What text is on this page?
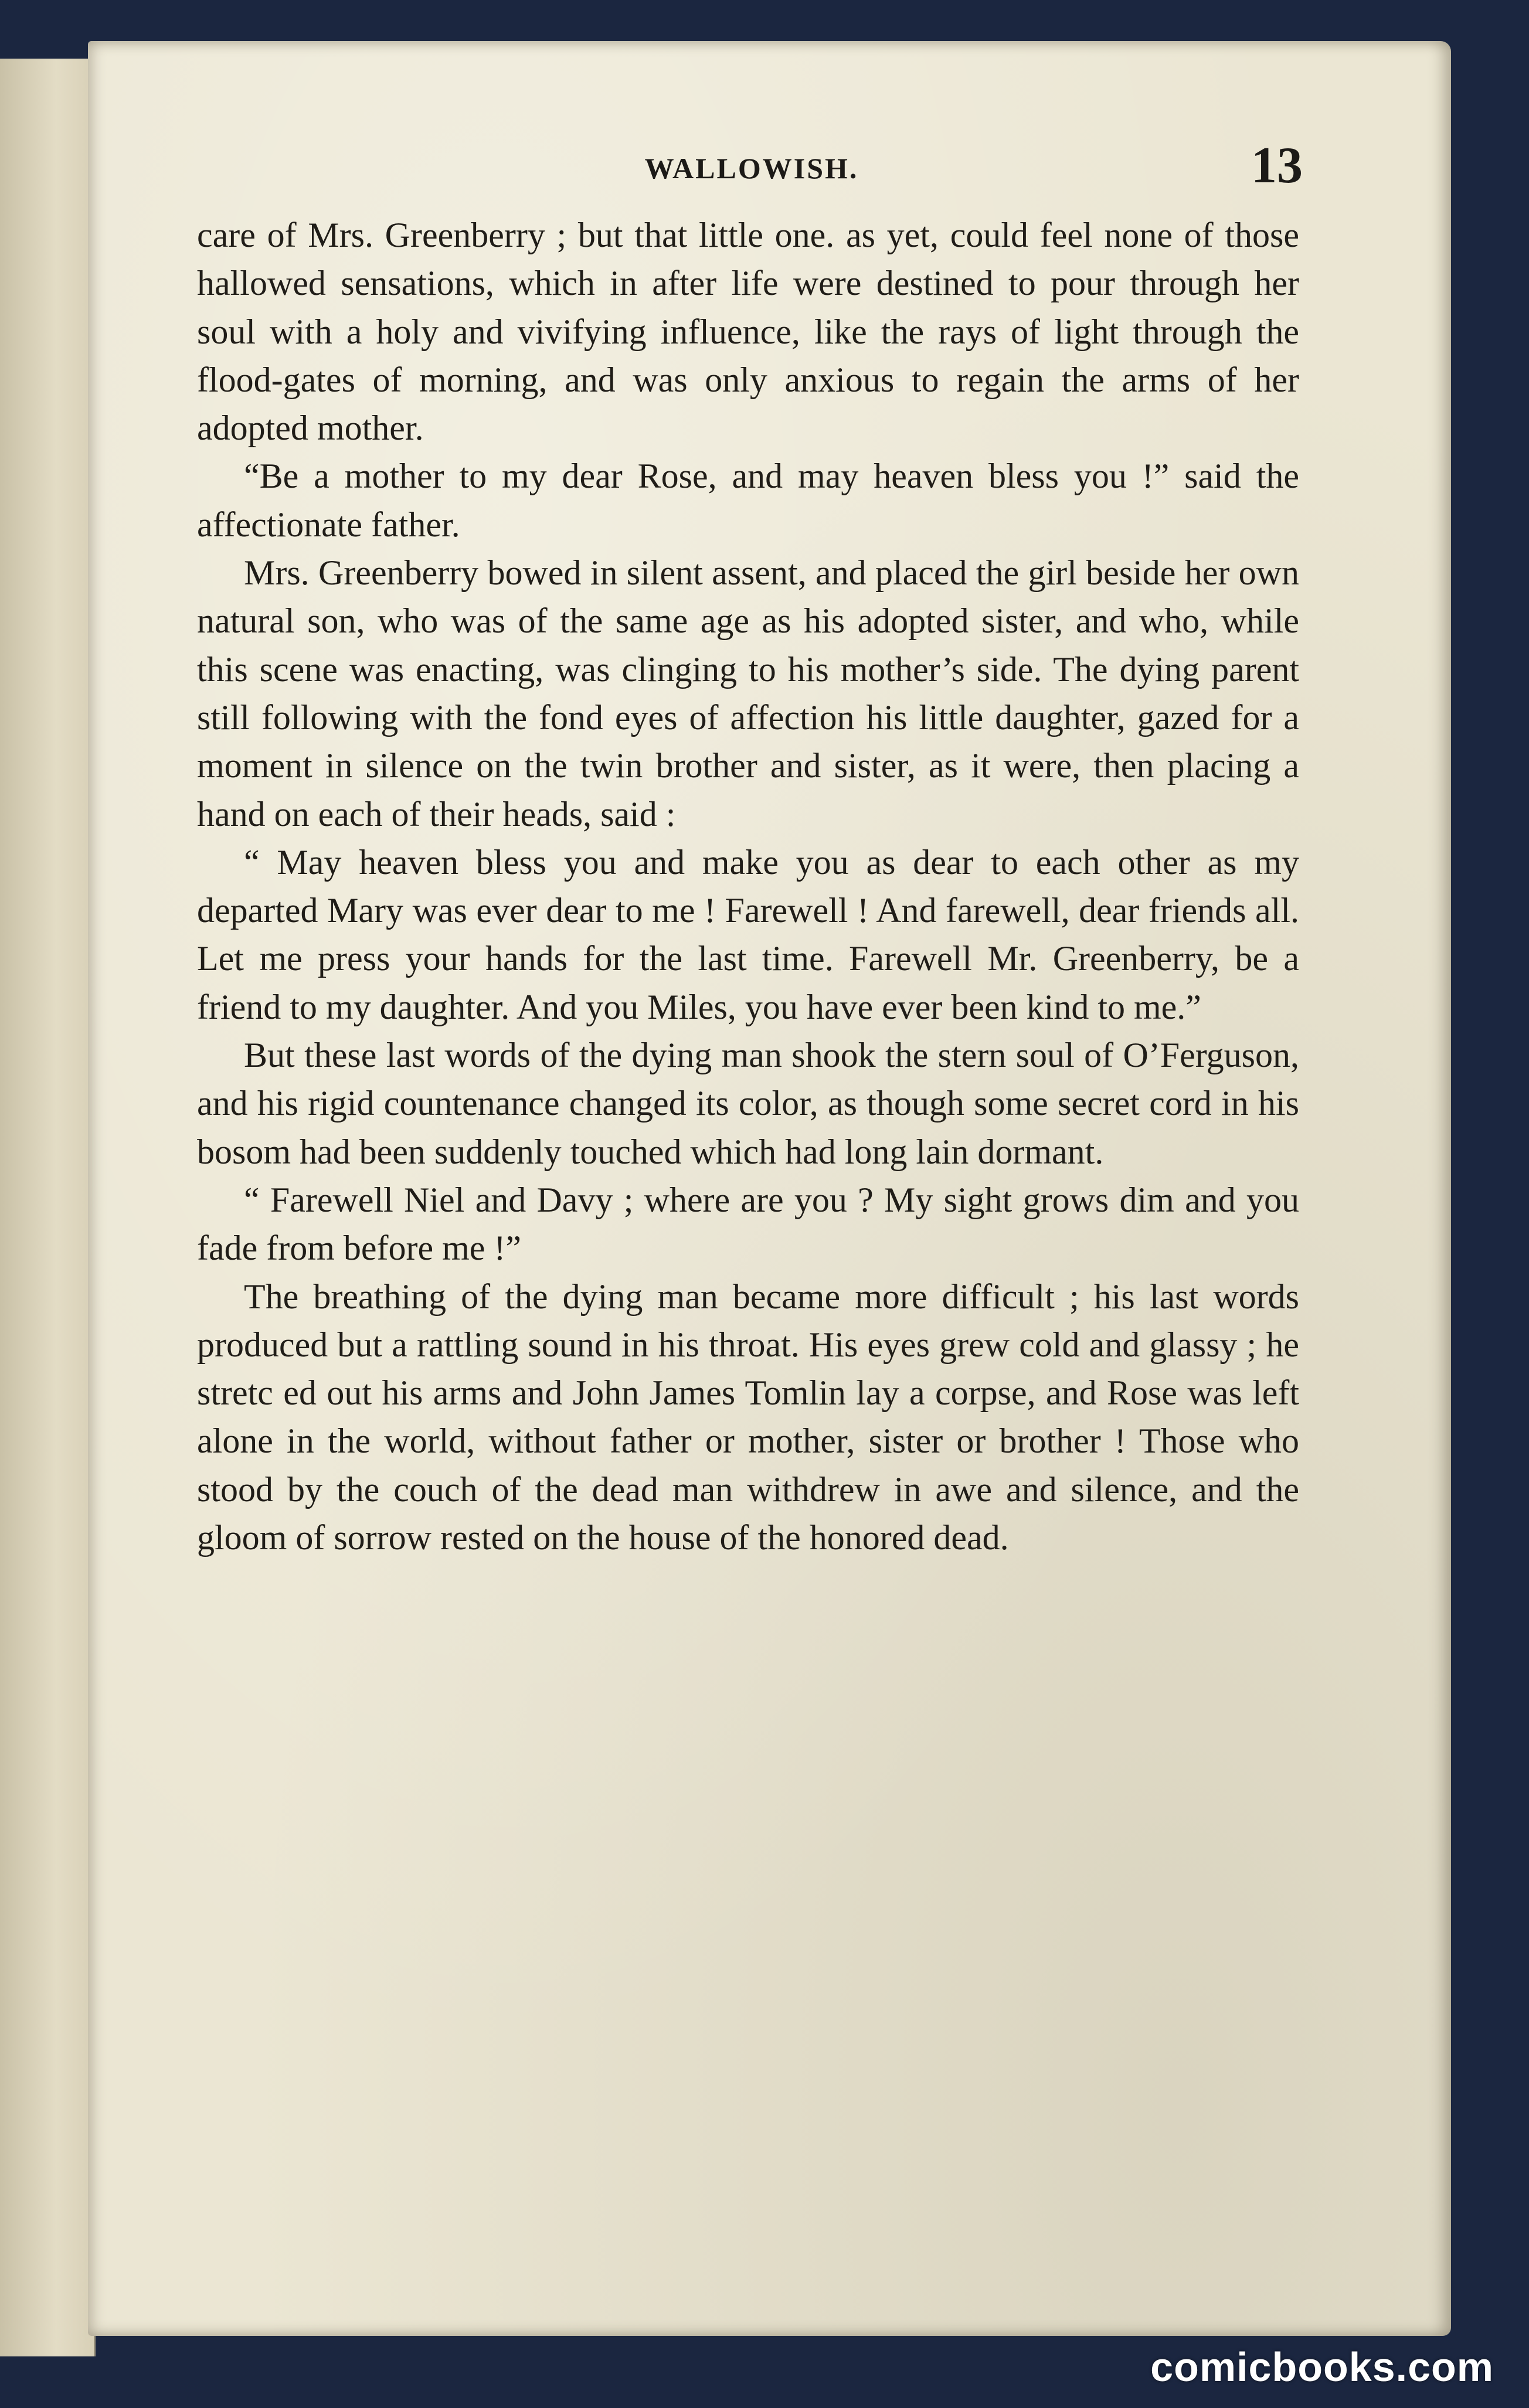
WALLOWISH.	13

care of Mrs. Greenberry ; but that little one. as yet, could feel none of those hallowed sensations, which in after life were destined to pour through her soul with a holy and vivifying influence, like the rays of light through the flood-gates of morning, and was only anxious to regain the arms of her adopted mother.

“Be a mother to my dear Rose, and may heaven bless you !” said the affectionate father.

Mrs. Greenberry bowed in silent assent, and placed the girl beside her own natural son, who was of the same age as his adopted sister, and who, while this scene was enacting, was clinging to his mother’s side. The dying parent still following with the fond eyes of affection his little daughter, gazed for a moment in silence on the twin brother and sister, as it were, then placing a hand on each of their heads, said :

“ May heaven bless you and make you as dear to each other as my departed Mary was ever dear to me ! Farewell ! And farewell, dear friends all. Let me press your hands for the last time. Farewell Mr. Greenberry, be a friend to my daughter. And you Miles, you have ever been kind to me.”

But these last words of the dying man shook the stern soul of O’Ferguson, and his rigid countenance changed its color, as though some secret cord in his bosom had been suddenly touched which had long lain dormant.

“ Farewell Niel and Davy ; where are you ? My sight grows dim and you fade from before me !”

The breathing of the dying man became more difficult ; his last words produced but a rattling sound in his throat. His eyes grew cold and glassy ; he stretc ed out his arms and John James Tomlin lay a corpse, and Rose was left alone in the world, without father or mother, sister or brother ! Those who stood by the couch of the dead man withdrew in awe and silence, and the gloom of sorrow rested on the house of the honored dead.

comicbooks.com
